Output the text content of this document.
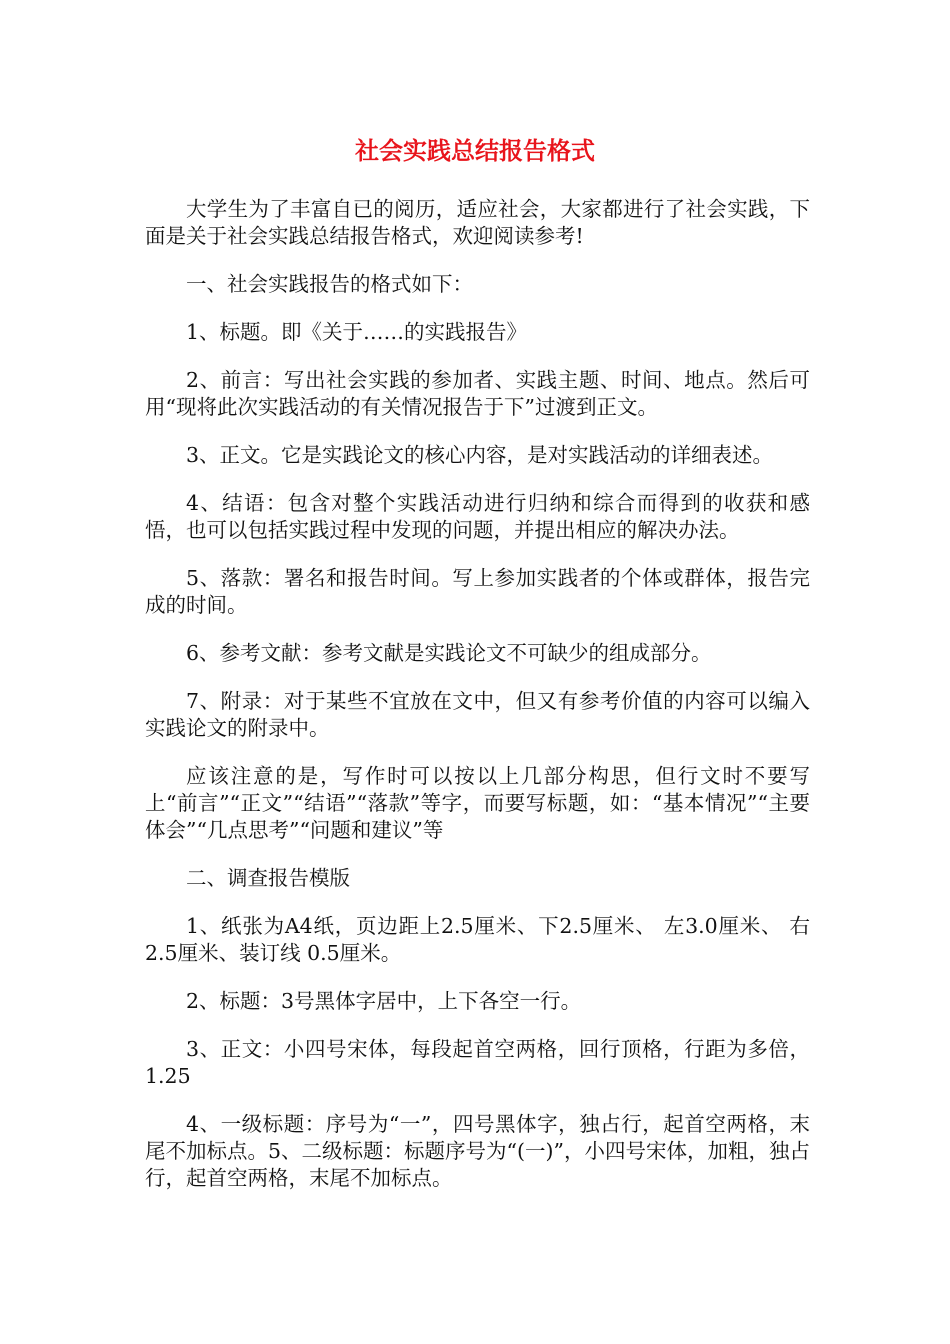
社会实践总结报告格式

大学生为了丰富自已的阅历，适应社会，大家都进行了社会实践，下面是关于社会实践总结报告格式，欢迎阅读参考!

一、社会实践报告的格式如下：

1、标题。即《关于……的实践报告》

2、前言：写出社会实践的参加者、实践主题、时间、地点。然后可用“现将此次实践活动的有关情况报告于下”过渡到正文。

3、正文。它是实践论文的核心内容，是对实践活动的详细表述。

4、结语：包含对整个实践活动进行归纳和综合而得到的收获和感悟，也可以包括实践过程中发现的问题，并提出相应的解决办法。

5、落款：署名和报告时间。写上参加实践者的个体或群体，报告完成的时间。

6、参考文献：参考文献是实践论文不可缺少的组成部分。

7、附录：对于某些不宜放在文中，但又有参考价值的内容可以编入实践论文的附录中。

应该注意的是，写作时可以按以上几部分构思，但行文时不要写上“前言”“正文”“结语”“落款”等字，而要写标题，如：“基本情况”“主要体会”“几点思考”“问题和建议”等

二、调查报告模版

1、纸张为A4纸，页边距上2.5厘米、下2.5厘米、 左3.0厘米、 右2.5厘米、装订线 0.5厘米。

2、标题：3号黑体字居中，上下各空一行。

3、正文：小四号宋体，每段起首空两格，回行顶格，行距为多倍，1.25

4、一级标题：序号为“一”，四号黑体字，独占行，起首空两格，末尾不加标点。5、二级标题：标题序号为“(一)”，小四号宋体，加粗，独占行，起首空两格，末尾不加标点。
